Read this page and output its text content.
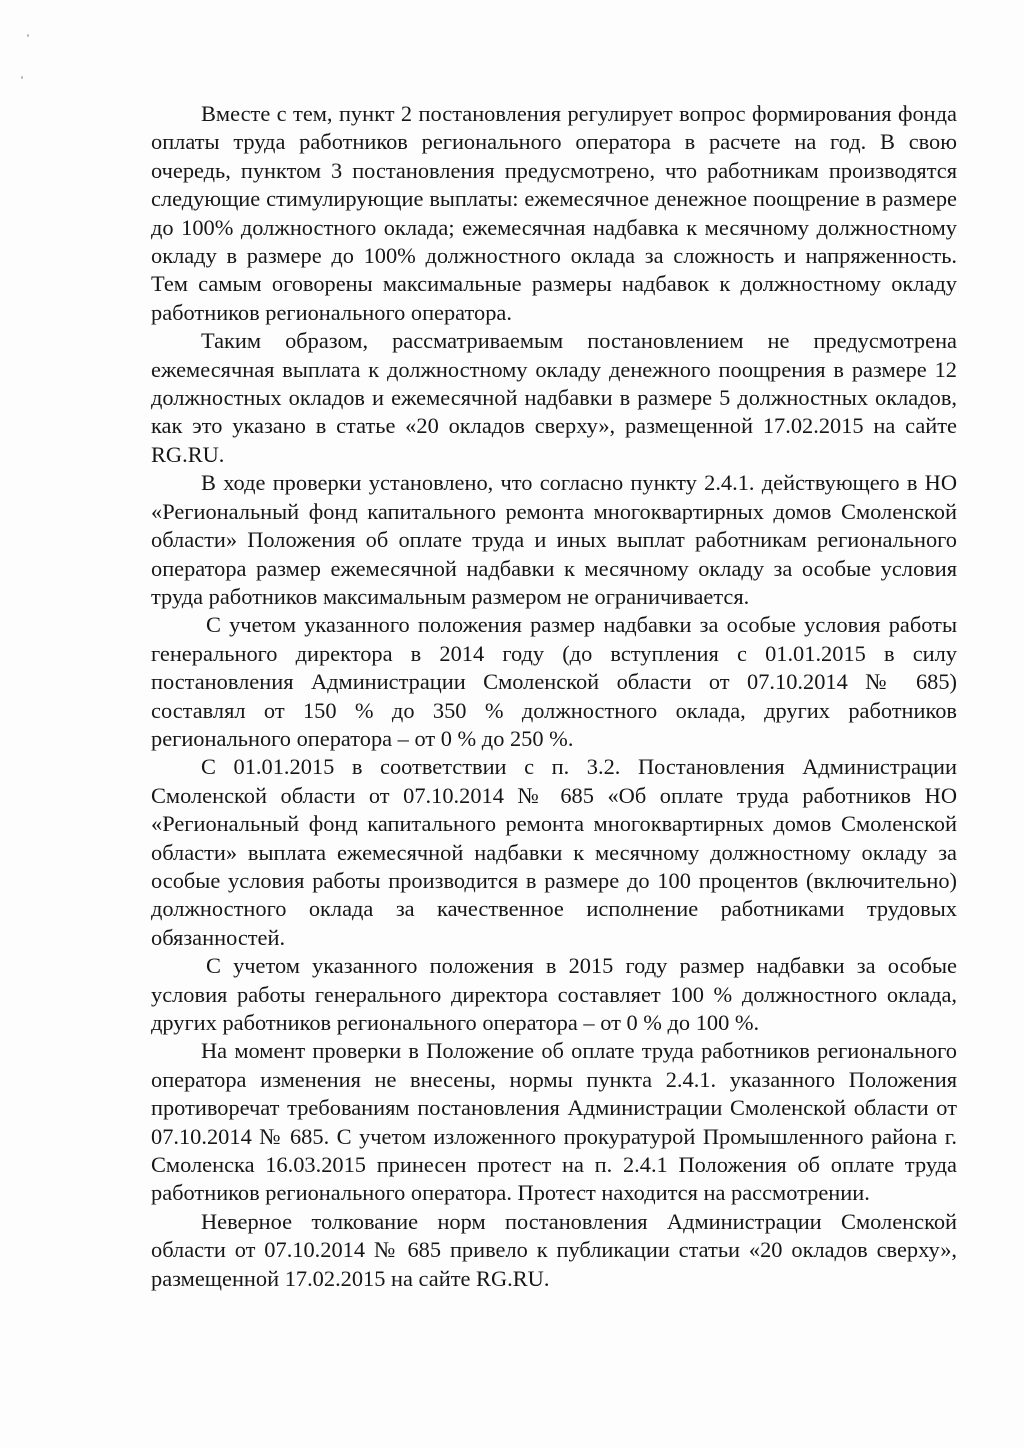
Вместе с тем, пункт 2 постановления регулирует вопрос формирования фонда оплаты труда работников регионального оператора в расчете на год. В свою очередь, пунктом 3 постановления предусмотрено, что работникам производятся следующие стимулирующие выплаты: ежемесячное денежное поощрение в размере до 100% должностного оклада; ежемесячная надбавка к месячному должностному окладу в размере до 100% должностного оклада за сложность и напряженность. Тем самым оговорены максимальные размеры надбавок к должностному окладу работников регионального оператора.

Таким образом, рассматриваемым постановлением не предусмотрена ежемесячная выплата к должностному окладу денежного поощрения в размере 12 должностных окладов и ежемесячной надбавки в размере 5 должностных окладов, как это указано в статье «20 окладов сверху», размещенной 17.02.2015 на сайте RG.RU.

В ходе проверки установлено, что согласно пункту 2.4.1. действующего в НО «Региональный фонд капитального ремонта многоквартирных домов Смоленской области» Положения об оплате труда и иных выплат работникам регионального оператора размер ежемесячной надбавки к месячному окладу за особые условия труда работников максимальным размером не ограничивается.

С учетом указанного положения размер надбавки за особые условия работы генерального директора в 2014 году (до вступления с 01.01.2015 в силу постановления Администрации Смоленской области от 07.10.2014 № 685) составлял от 150 % до 350 % должностного оклада, других работников регионального оператора – от 0 % до 250 %.

С 01.01.2015 в соответствии с п. 3.2. Постановления Администрации Смоленской области от 07.10.2014 № 685 «Об оплате труда работников НО «Региональный фонд капитального ремонта многоквартирных домов Смоленской области» выплата ежемесячной надбавки к месячному должностному окладу за особые условия работы производится в размере до 100 процентов (включительно) должностного оклада за качественное исполнение работниками трудовых обязанностей.

С учетом указанного положения в 2015 году размер надбавки за особые условия работы генерального директора составляет 100 % должностного оклада, других работников регионального оператора – от 0 % до 100 %.

На момент проверки в Положение об оплате труда работников регионального оператора изменения не внесены, нормы пункта 2.4.1. указанного Положения противоречат требованиям постановления Администрации Смоленской области от 07.10.2014 № 685. С учетом изложенного прокуратурой Промышленного района г. Смоленска 16.03.2015 принесен протест на п. 2.4.1 Положения об оплате труда работников регионального оператора. Протест находится на рассмотрении.

Неверное толкование норм постановления Администрации Смоленской области от 07.10.2014 № 685 привело к публикации статьи «20 окладов сверху», размещенной 17.02.2015 на сайте RG.RU.
